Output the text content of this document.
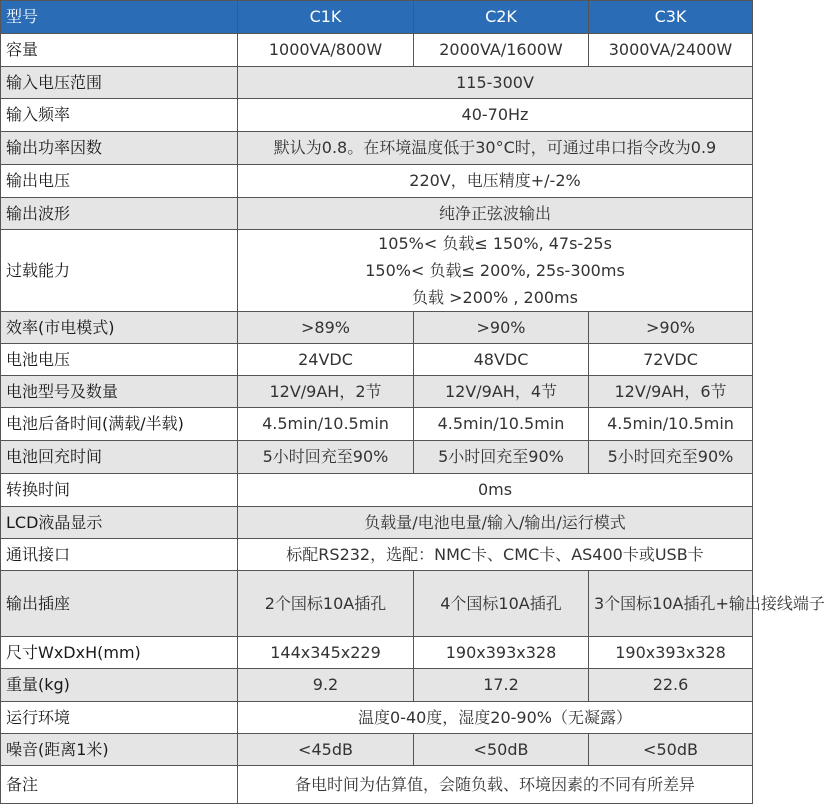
型号	C1K	C2K	C3K
容量	1000VA/800W	2000VA/1600W	3000VA/2400W
输入电压范围	115-300V		
输入频率	40-70Hz		
输出功率因数	默认为0.8。在环境温度低于30°C时，可通过串口指令改为0.9		
输出电压	220V，电压精度+/-2%		
输出波形	纯净正弦波输出		
过载能力	105%< 负载≤ 150%, 47s-25s
150%< 负载≤ 200%, 25s-300ms
负载 >200% , 200ms		

效率(市电模式)	>89%	>90%	>90%
电池电压	24VDC	48VDC	72VDC
电池型号及数量	12V/9AH，2节	12V/9AH，4节	12V/9AH，6节
电池后备时间(满载/半载)	4.5min/10.5min	4.5min/10.5min	4.5min/10.5min
电池回充时间	5小时回充至90%	5小时回充至90%	5小时回充至90%
转换时间	0ms		
LCD液晶显示	负载量/电池电量/输入/输出/运行模式		
通讯接口	标配RS232，选配：NMC卡、CMC卡、AS400卡或USB卡		
输出插座	2个国标10A插孔	4个国标10A插孔	3个国标10A插孔+输出接线端子
尺寸WxDxH(mm)	144x345x229	190x393x328	190x393x328
重量(kg)	9.2	17.2	22.6
运行环境	温度0-40度，湿度20-90%（无凝露）		
噪音(距离1米)	<45dB	<50dB	<50dB
备注	备电时间为估算值，会随负载、环境因素的不同有所差异		
